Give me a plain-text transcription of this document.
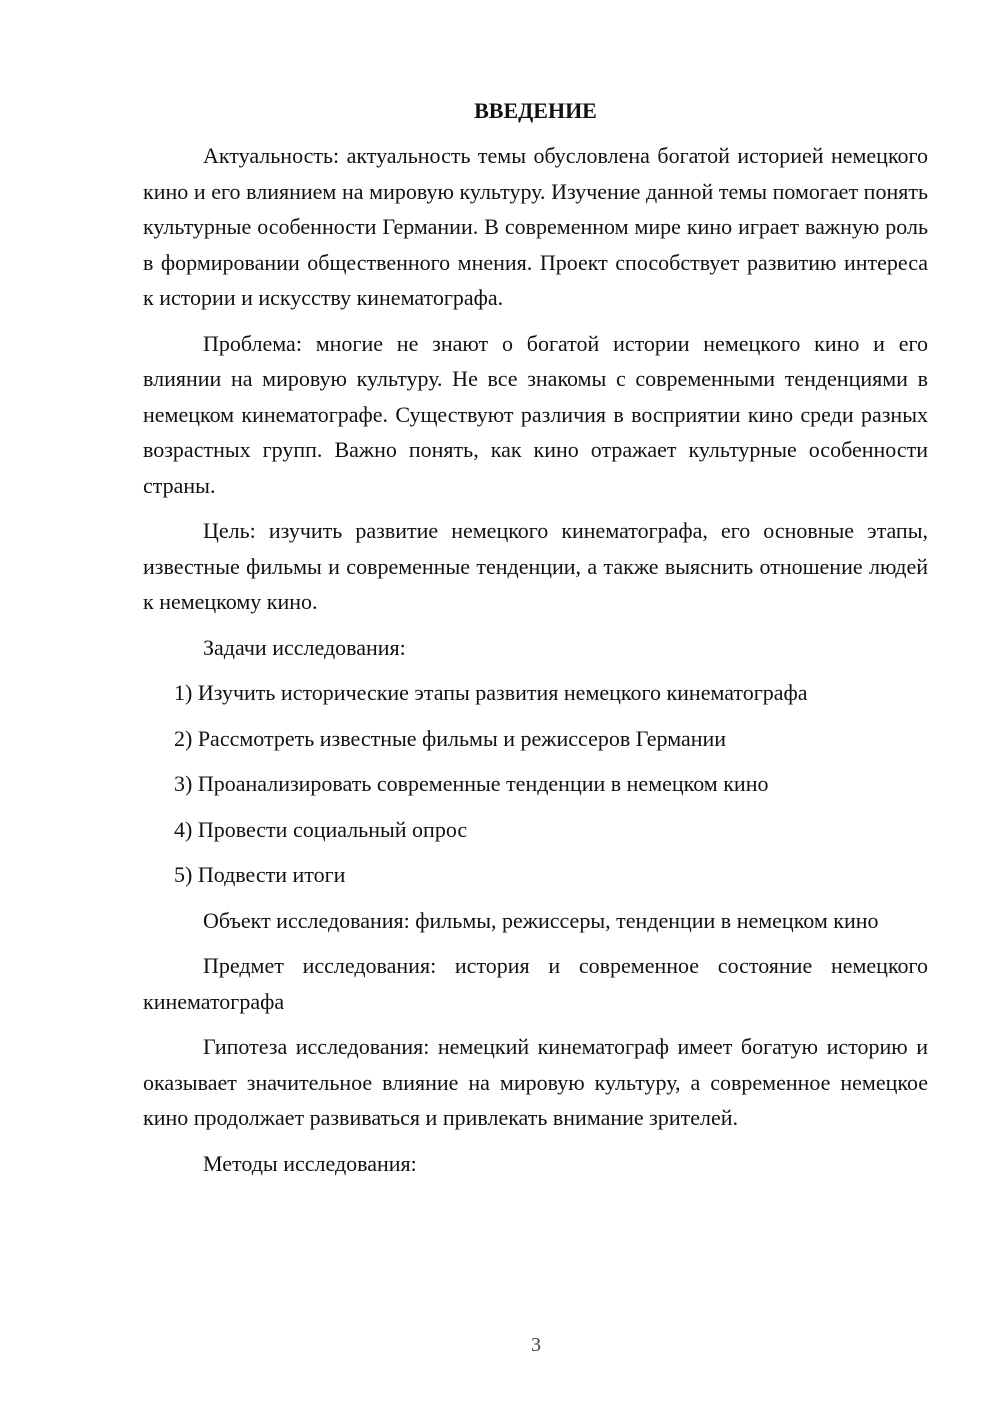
ВВЕДЕНИЕ

Актуальность: актуальность темы обусловлена богатой историей немецкого кино и его влиянием на мировую культуру. Изучение данной темы помогает понять культурные особенности Германии. В современном мире кино играет важную роль в формировании общественного мнения. Проект способствует развитию интереса к истории и искусству кинематографа.

Проблема: многие не знают о богатой истории немецкого кино и его влиянии на мировую культуру. Не все знакомы с современными тенденциями в немецком кинематографе. Существуют различия в восприятии кино среди разных возрастных групп. Важно понять, как кино отражает культурные особенности страны.

Цель: изучить развитие немецкого кинематографа, его основные этапы, известные фильмы и современные тенденции, а также выяснить отношение людей к немецкому кино.

Задачи исследования:

1) Изучить исторические этапы развития немецкого кинематографа
2) Рассмотреть известные фильмы и режиссеров Германии
3) Проанализировать современные тенденции в немецком кино
4) Провести социальный опрос
5) Подвести итоги

Объект исследования: фильмы, режиссеры, тенденции в немецком кино

Предмет исследования: история и современное состояние немецкого кинематографа

Гипотеза исследования: немецкий кинематограф имеет богатую историю и оказывает значительное влияние на мировую культуру, а современное немецкое кино продолжает развиваться и привлекать внимание зрителей.

Методы исследования:

3
